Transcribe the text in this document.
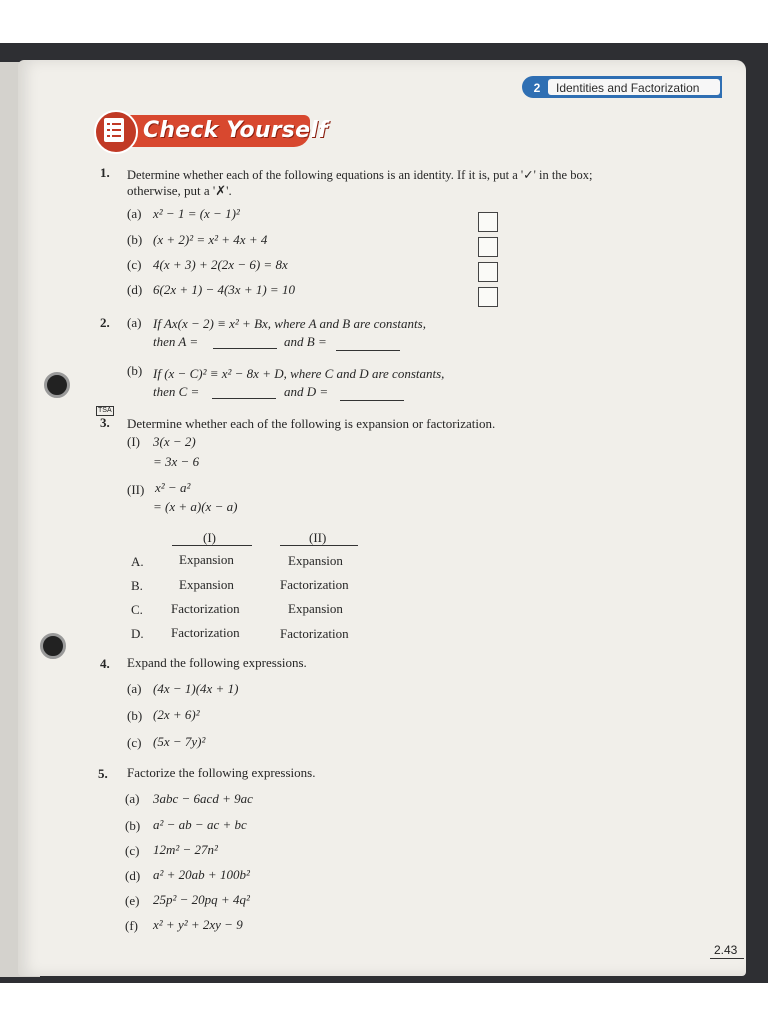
2	Identities and Factorization
Check Yourself
1. Determine whether each of the following equations is an identity. If it is, put a '✓' in the box;
otherwise, put a '✗'.
(a) x² − 1 = (x − 1)²
(b) (x + 2)² = x² + 4x + 4
(c) 4(x + 3) + 2(2x − 6) = 8x
(d) 6(2x + 1) − 4(3x + 1) = 10
2. (a) If Ax(x − 2) ≡ x² + Bx, where A and B are constants,
then A =	and B =
(b) If (x − C)² ≡ x² − 8x + D, where C and D are constants,
then C =	and D =
TSA
3. Determine whether each of the following is expansion or factorization.
(I) 3(x − 2)
= 3x − 6
(II) x² − a²
= (x + a)(x − a)
(I)	(II)
A.	Expansion	Expansion
B.	Expansion	Factorization
C. Factorization	Expansion
D. Factorization	Factorization
4. Expand the following expressions.
(a) (4x − 1)(4x + 1)
(b) (2x + 6)²
(c) (5x − 7y)²
5. Factorize the following expressions.
(a) 3abc − 6acd + 9ac
(b) a² − ab − ac + bc
(c) 12m² − 27n²
(d) a² + 20ab + 100b²
(e) 25p² − 20pq + 4q²
(f) x² + y² + 2xy − 9
2.43
